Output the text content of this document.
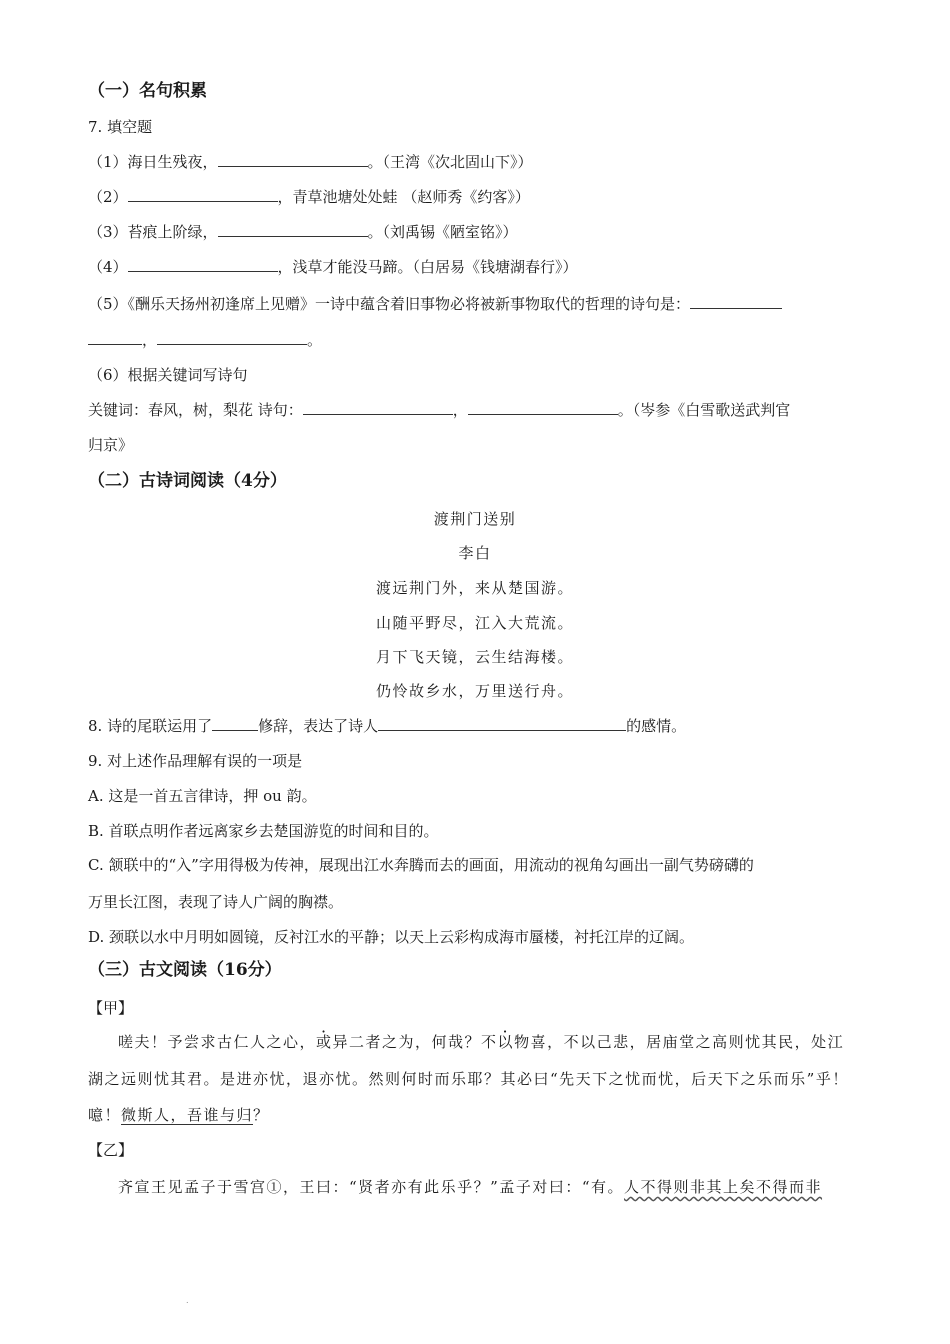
（一）名句积累
7. 填空题
（1）海日生残夜，	。（王湾《次北固山下》）
（2）	，青草池塘处处蛙 （赵师秀《约客》）
（3）苔痕上阶绿，	。（刘禹锡《陋室铭》）
（4）	，浅草才能没马蹄。（白居易《钱塘湖春行》）
（5）《酬乐天扬州初逢席上见赠》一诗中蕴含着旧事物必将被新事物取代的哲理的诗句是：
，	。
（6）根据关键词写诗句
关键词：春风，树，梨花 诗句：	，	。（岑参《白雪歌送武判官
归京》
（二）古诗词阅读（4分）
渡荆门送别
李白
渡远荆门外，来从楚国游。
山随平野尽，江入大荒流。
月下飞天镜，云生结海楼。
仍怜故乡水，万里送行舟。
8. 诗的尾联运用了	修辞，表达了诗人	的感情。
9. 对上述作品理解有误的一项是
A. 这是一首五言律诗，押 ou 韵。
B. 首联点明作者远离家乡去楚国游览的时间和目的。
C. 颔联中的“入”字用得极为传神，展现出江水奔腾而去的画面，用流动的视角勾画出一副气势磅礴的
万里长江图，表现了诗人广阔的胸襟。
D. 颈联以水中月明如圆镜，反衬江水的平静；以天上云彩构成海市蜃楼，衬托江岸的辽阔。
（三）古文阅读（16分）
【甲】
嗟夫！予尝求古仁人之心，或异二者之为，何哉？不以物喜，不以己悲，居庙堂之高则忧其民，处江
湖之远则忧其君。是进亦忧，退亦忧。然则何时而乐耶？其必曰“先天下之忧而忧，后天下之乐而乐”乎！
噫！微斯人，吾谁与归？
【乙】
齐宣王见孟子于雪宫①，王曰：“贤者亦有此乐乎？”孟子对曰：“有。人不得则非其上矣不得而非
.
